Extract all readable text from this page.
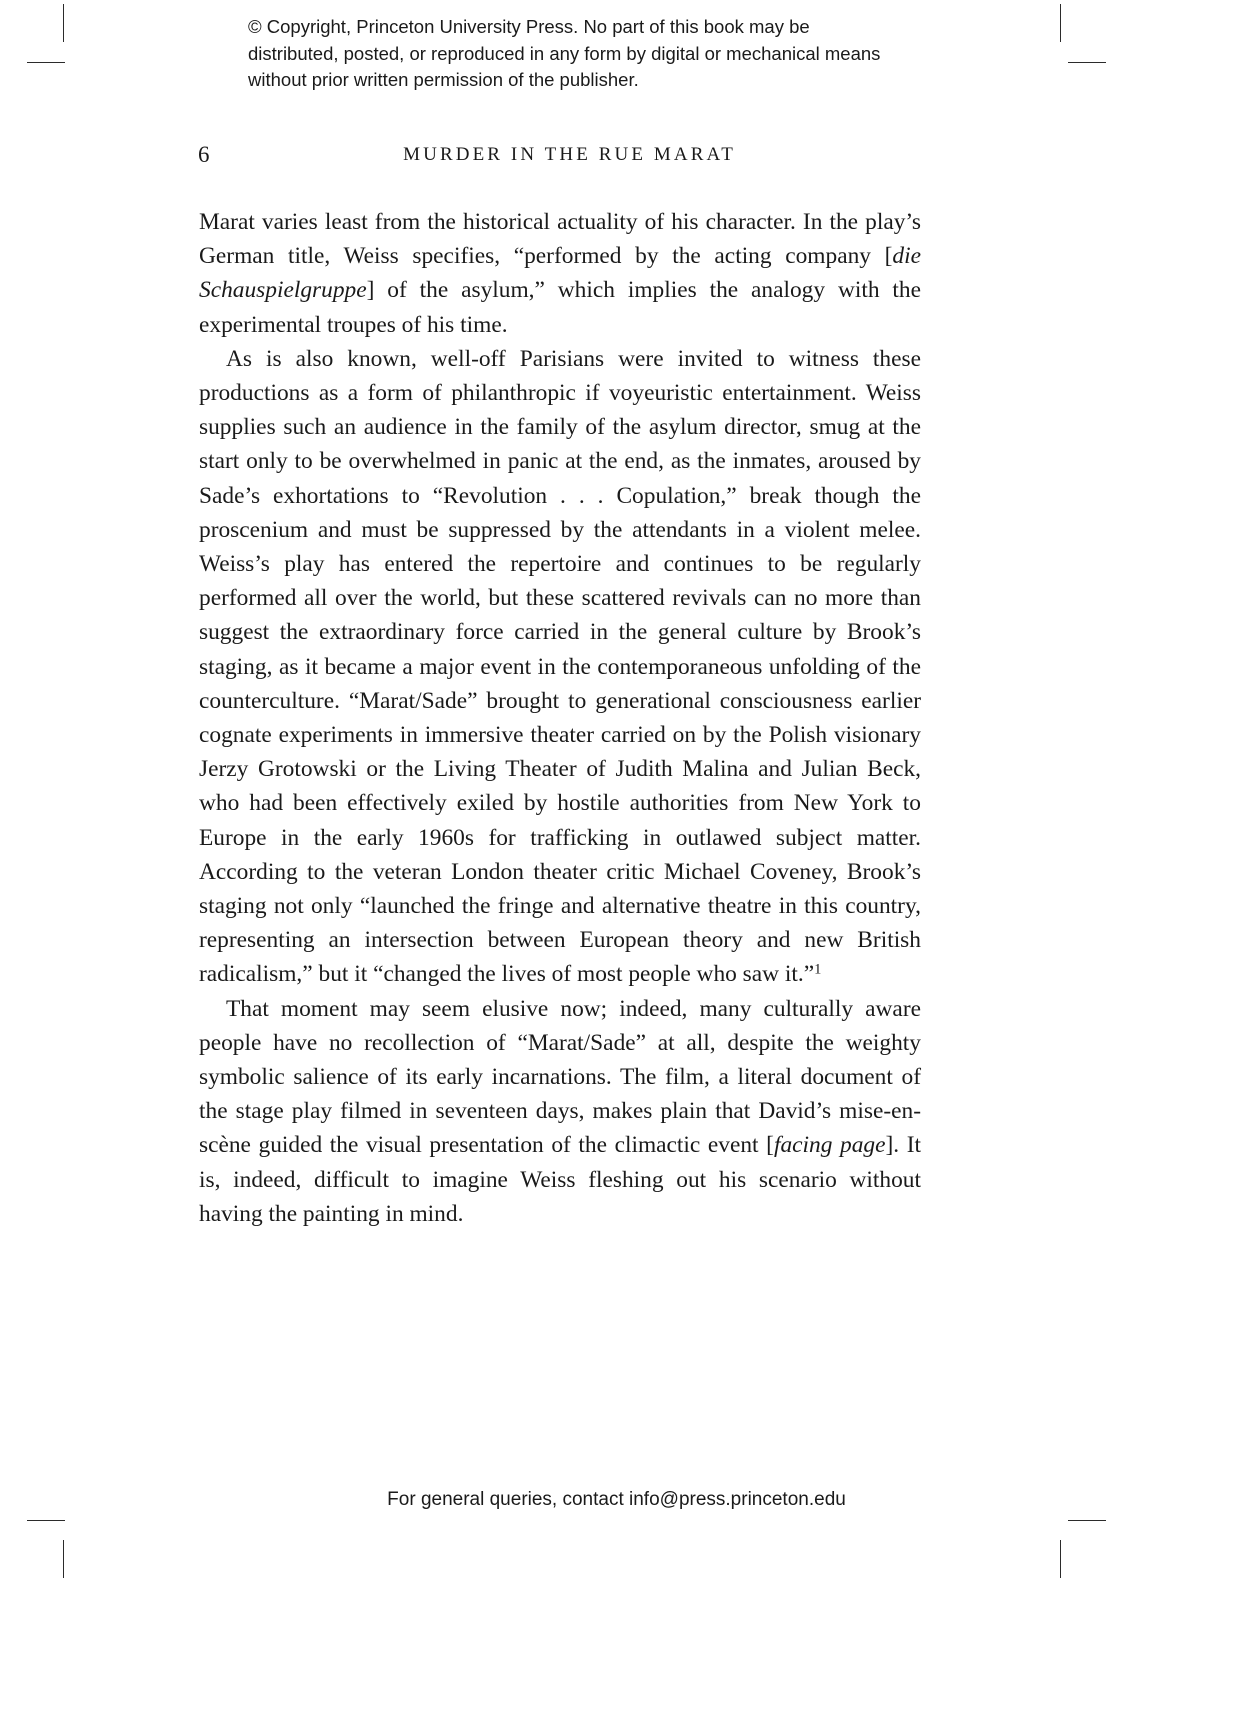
© Copyright, Princeton University Press. No part of this book may be distributed, posted, or reproduced in any form by digital or mechanical means without prior written permission of the publisher.
6	MURDER IN THE RUE MARAT

Marat varies least from the historical actuality of his character. In the play’s German title, Weiss specifies, “performed by the acting company [die Schauspielgruppe] of the asylum,” which implies the analogy with the experimental troupes of his time.

As is also known, well-off Parisians were invited to witness these productions as a form of philanthropic if voyeuristic entertainment. Weiss supplies such an audience in the family of the asylum director, smug at the start only to be overwhelmed in panic at the end, as the inmates, aroused by Sade’s exhortations to “Revolution . . . Copulation,” break though the proscenium and must be suppressed by the attendants in a violent melee. Weiss’s play has entered the repertoire and continues to be regularly performed all over the world, but these scattered revivals can no more than suggest the extraordinary force carried in the general culture by Brook’s staging, as it became a major event in the contemporaneous unfolding of the counterculture. “Marat/Sade” brought to generational consciousness earlier cognate experiments in immersive theater carried on by the Polish visionary Jerzy Grotowski or the Living Theater of Judith Malina and Julian Beck, who had been effectively exiled by hostile authorities from New York to Europe in the early 1960s for trafficking in outlawed subject matter. According to the veteran London theater critic Michael Coveney, Brook’s staging not only “launched the fringe and alternative theatre in this country, representing an intersection between European theory and new British radicalism,” but it “changed the lives of most people who saw it.”$^1$

That moment may seem elusive now; indeed, many culturally aware people have no recollection of “Marat/Sade” at all, despite the weighty symbolic salience of its early incarnations. The film, a literal document of the stage play filmed in seventeen days, makes plain that David’s mise-en-scène guided the visual presentation of the climactic event [facing page]. It is, indeed, difficult to imagine Weiss fleshing out his scenario without having the painting in mind.

For general queries, contact info@press.princeton.edu
